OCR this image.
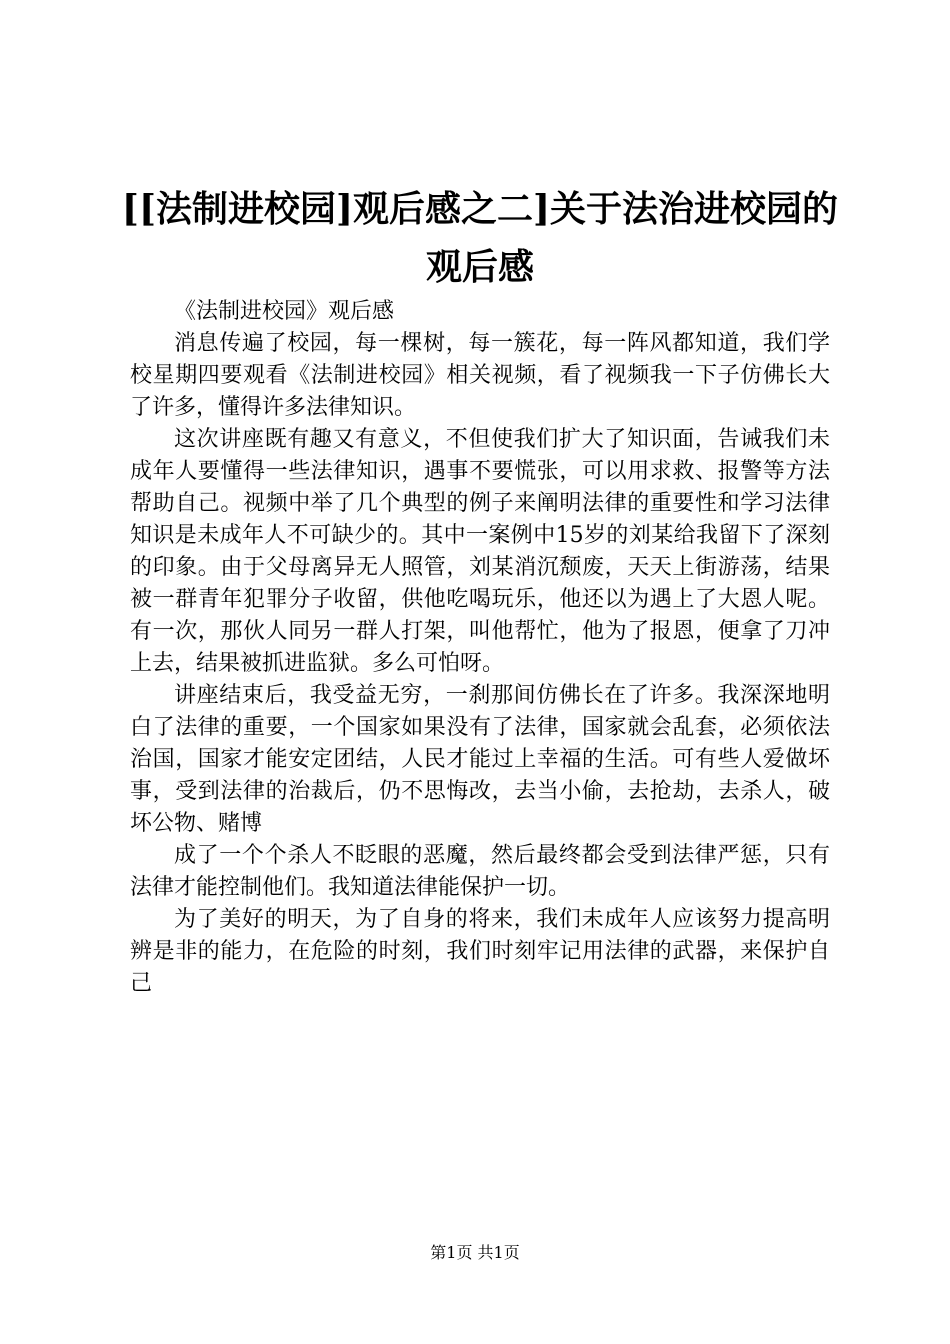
[[法制进校园]观后感之二]关于法治进校园的观后感

《法制进校园》观后感

消息传遍了校园，每一棵树，每一簇花，每一阵风都知道，我们学校星期四要观看《法制进校园》相关视频，看了视频我一下子仿佛长大了许多，懂得许多法律知识。

这次讲座既有趣又有意义，不但使我们扩大了知识面，告诫我们未成年人要懂得一些法律知识，遇事不要慌张，可以用求救、报警等方法帮助自己。视频中举了几个典型的例子来阐明法律的重要性和学习法律知识是未成年人不可缺少的。其中一案例中15岁的刘某给我留下了深刻的印象。由于父母离异无人照管，刘某消沉颓废，天天上街游荡，结果被一群青年犯罪分子收留，供他吃喝玩乐，他还以为遇上了大恩人呢。有一次，那伙人同另一群人打架，叫他帮忙，他为了报恩，便拿了刀冲上去，结果被抓进监狱。多么可怕呀。

讲座结束后，我受益无穷，一刹那间仿佛长在了许多。我深深地明白了法律的重要，一个国家如果没有了法律，国家就会乱套，必须依法治国，国家才能安定团结，人民才能过上幸福的生活。可有些人爱做坏事，受到法律的治裁后，仍不思悔改，去当小偷，去抢劫，去杀人，破坏公物、赌博

成了一个个杀人不眨眼的恶魔，然后最终都会受到法律严惩，只有法律才能控制他们。我知道法律能保护一切。

为了美好的明天，为了自身的将来，我们未成年人应该努力提高明辨是非的能力，在危险的时刻，我们时刻牢记用法律的武器，来保护自己

第1页 共1页
